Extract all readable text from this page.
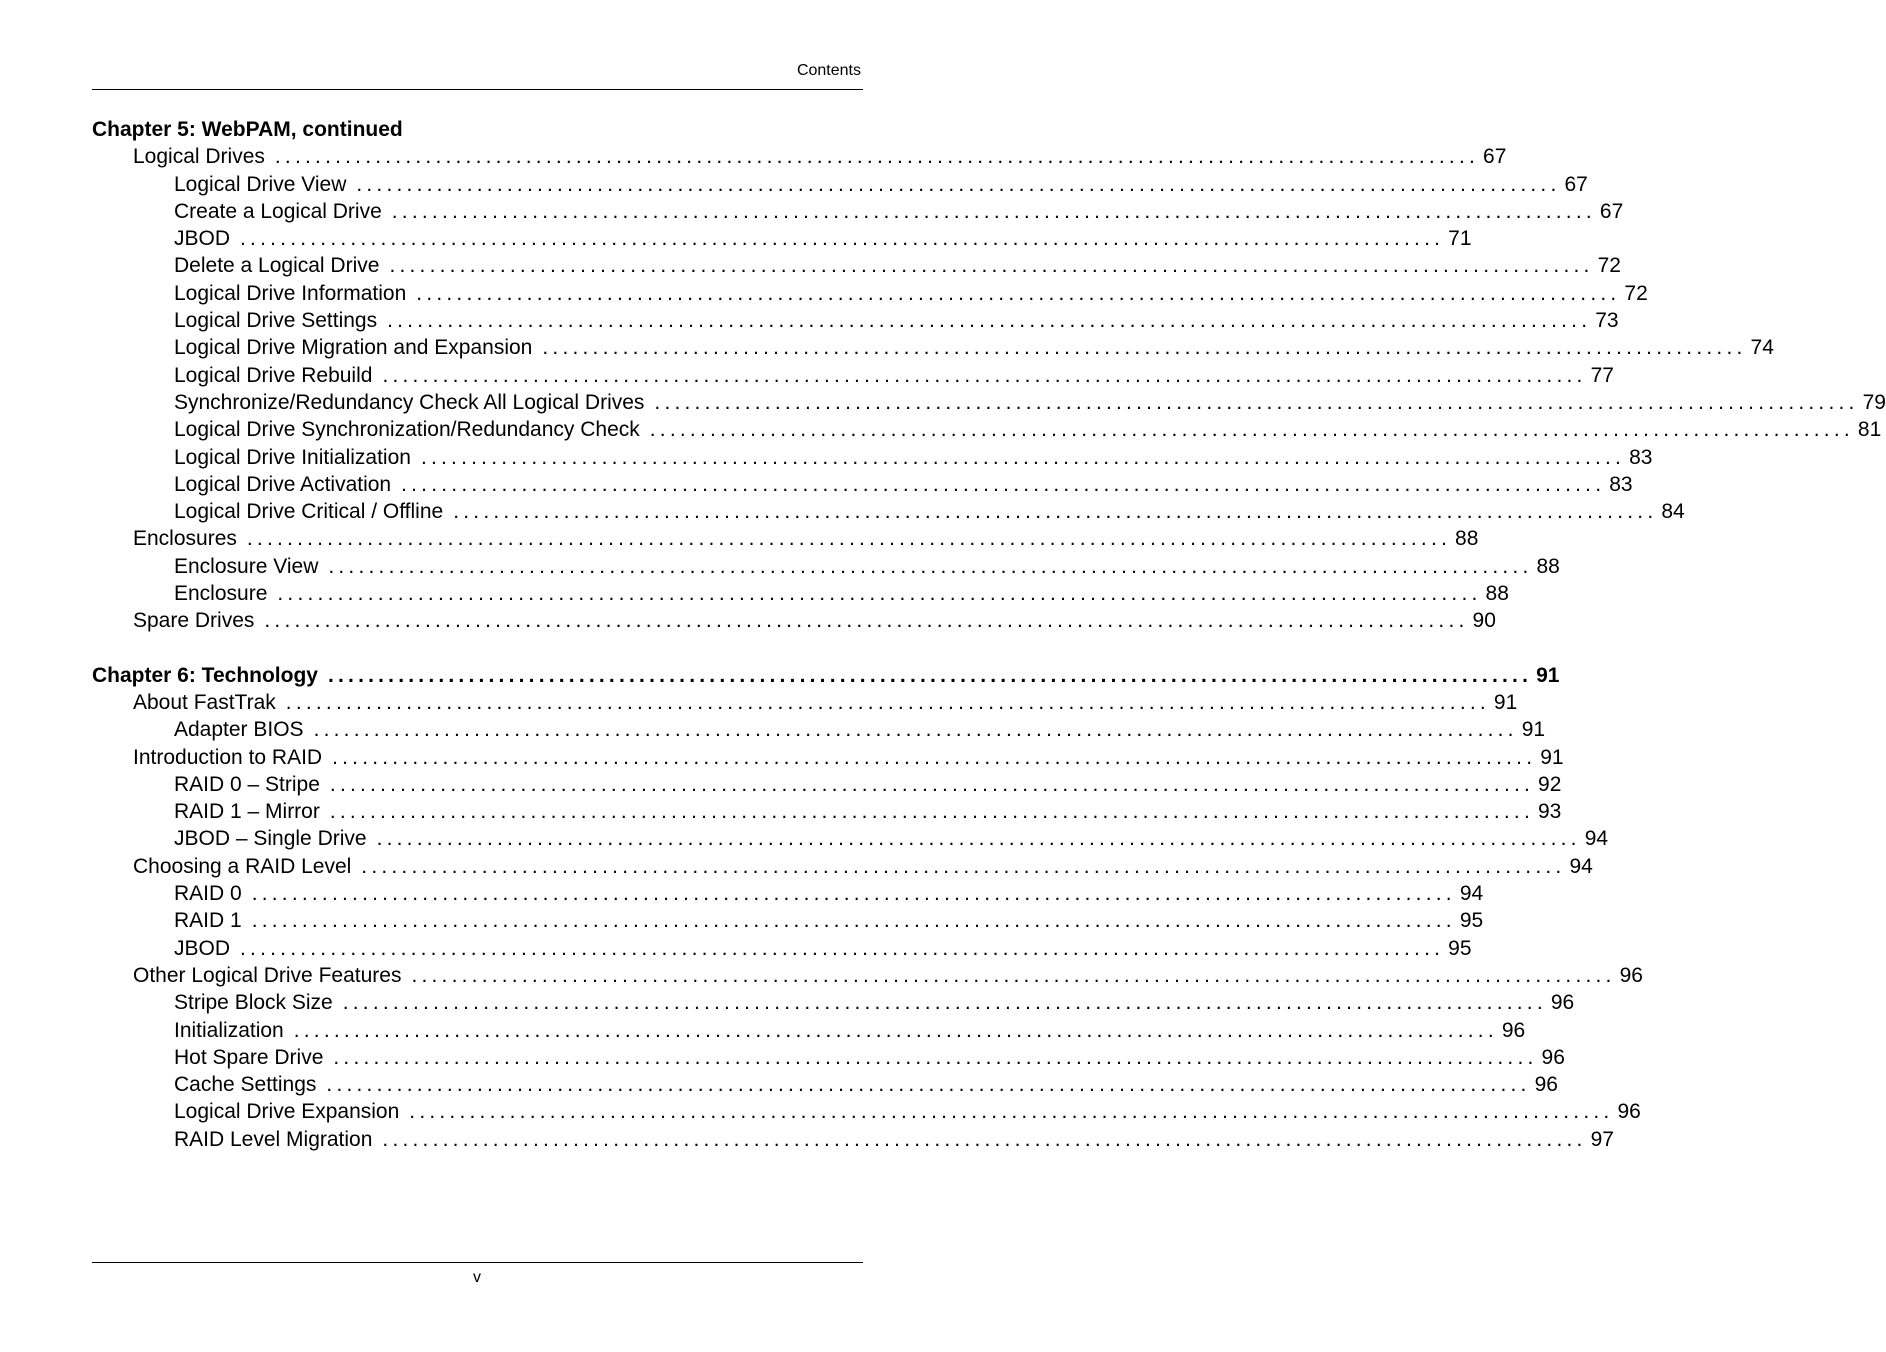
Contents
Chapter 5: WebPAM, continued
Logical Drives ........................................................................................................................ 67
Logical Drive View ........................................................................................................................ 67
Create a Logical Drive ........................................................................................................................ 67
JBOD ........................................................................................................................ 71
Delete a Logical Drive ........................................................................................................................ 72
Logical Drive Information ........................................................................................................................ 72
Logical Drive Settings ........................................................................................................................ 73
Logical Drive Migration and Expansion ........................................................................................................................ 74
Logical Drive Rebuild ........................................................................................................................ 77
Synchronize/Redundancy Check All Logical Drives ........................................................................................................................ 79
Logical Drive Synchronization/Redundancy Check ........................................................................................................................ 81
Logical Drive Initialization ........................................................................................................................ 83
Logical Drive Activation ........................................................................................................................ 83
Logical Drive Critical / Offline ........................................................................................................................ 84
Enclosures ........................................................................................................................ 88
Enclosure View ........................................................................................................................ 88
Enclosure ........................................................................................................................ 88
Spare Drives ........................................................................................................................ 90
Chapter 6: Technology ........................................................................................................................ 91
About FastTrak ........................................................................................................................ 91
Adapter BIOS ........................................................................................................................ 91
Introduction to RAID ........................................................................................................................ 91
RAID 0 – Stripe ........................................................................................................................ 92
RAID 1 – Mirror ........................................................................................................................ 93
JBOD – Single Drive ........................................................................................................................ 94
Choosing a RAID Level ........................................................................................................................ 94
RAID 0 ........................................................................................................................ 94
RAID 1 ........................................................................................................................ 95
JBOD ........................................................................................................................ 95
Other Logical Drive Features ........................................................................................................................ 96
Stripe Block Size ........................................................................................................................ 96
Initialization ........................................................................................................................ 96
Hot Spare Drive ........................................................................................................................ 96
Cache Settings ........................................................................................................................ 96
Logical Drive Expansion ........................................................................................................................ 96
RAID Level Migration ........................................................................................................................ 97
v
